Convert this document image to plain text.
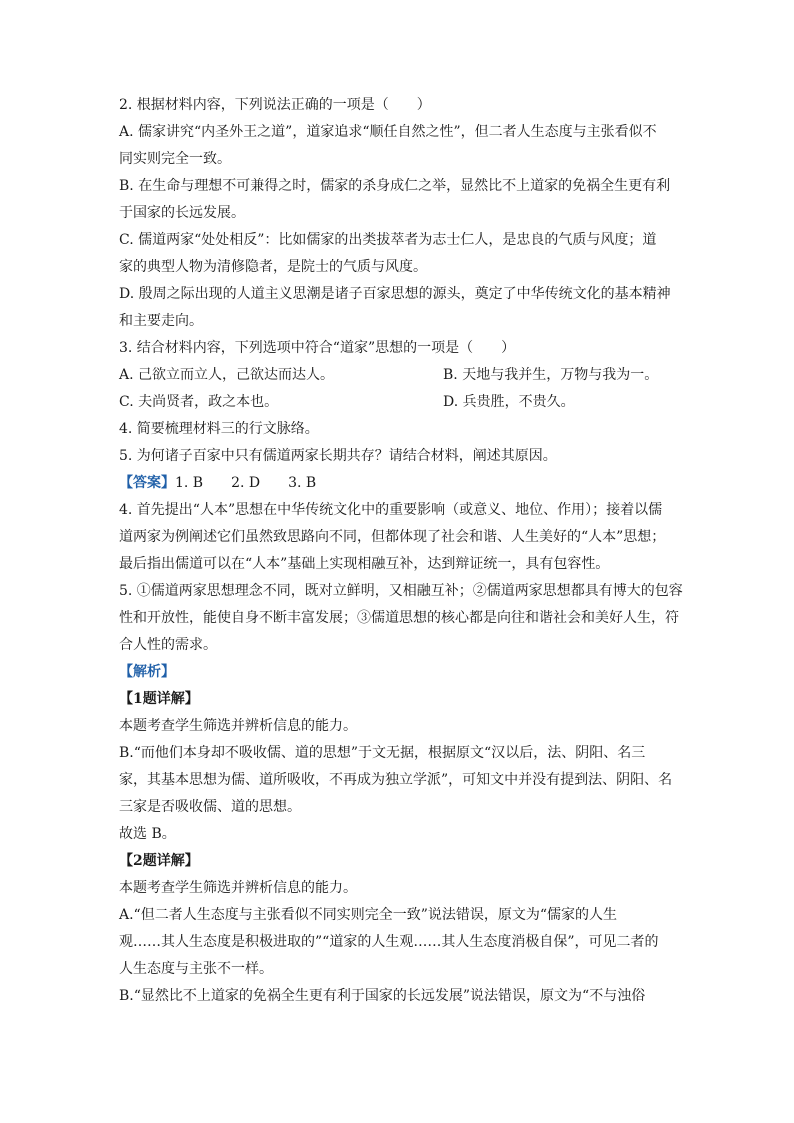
2. 根据材料内容，下列说法正确的一项是（　　）
A. 儒家讲究“内圣外王之道”，道家追求“顺任自然之性”，但二者人生态度与主张看似不
同实则完全一致。
B. 在生命与理想不可兼得之时，儒家的杀身成仁之举，显然比不上道家的免祸全生更有利
于国家的长远发展。
C. 儒道两家“处处相反”：比如儒家的出类拔萃者为志士仁人，是忠良的气质与风度；道
家的典型人物为清修隐者，是院士的气质与风度。
D. 殷周之际出现的人道主义思潮是诸子百家思想的源头，奠定了中华传统文化的基本精神
和主要走向。
3. 结合材料内容，下列选项中符合“道家”思想的一项是（　　）
A. 己欲立而立人，己欲达而达人。	B. 天地与我并生，万物与我为一。
C. 夫尚贤者，政之本也。	D. 兵贵胜，不贵久。
4. 简要梳理材料三的行文脉络。
5. 为何诸子百家中只有儒道两家长期共存？请结合材料，阐述其原因。
【答案】1. B　　2. D　　3. B
4. 首先提出“人本”思想在中华传统文化中的重要影响（或意义、地位、作用）；接着以儒
道两家为例阐述它们虽然致思路向不同，但都体现了社会和谐、人生美好的“人本”思想；
最后指出儒道可以在“人本”基础上实现相融互补，达到辩证统一，具有包容性。
5. ①儒道两家思想理念不同，既对立鲜明，又相融互补；②儒道两家思想都具有博大的包容
性和开放性，能使自身不断丰富发展；③儒道思想的核心都是向往和谐社会和美好人生，符
合人性的需求。
【解析】
【1题详解】
本题考查学生筛选并辨析信息的能力。
B.“而他们本身却不吸收儒、道的思想”于文无据，根据原文“汉以后，法、阴阳、名三
家，其基本思想为儒、道所吸收，不再成为独立学派”，可知文中并没有提到法、阴阳、名
三家是否吸收儒、道的思想。
故选 B。
【2题详解】
本题考查学生筛选并辨析信息的能力。
A.“但二者人生态度与主张看似不同实则完全一致”说法错误，原文为“儒家的人生
观……其人生态度是积极进取的”“道家的人生观……其人生态度消极自保”，可见二者的
人生态度与主张不一样。
B.“显然比不上道家的免祸全生更有利于国家的长远发展”说法错误，原文为“不与浊俗
